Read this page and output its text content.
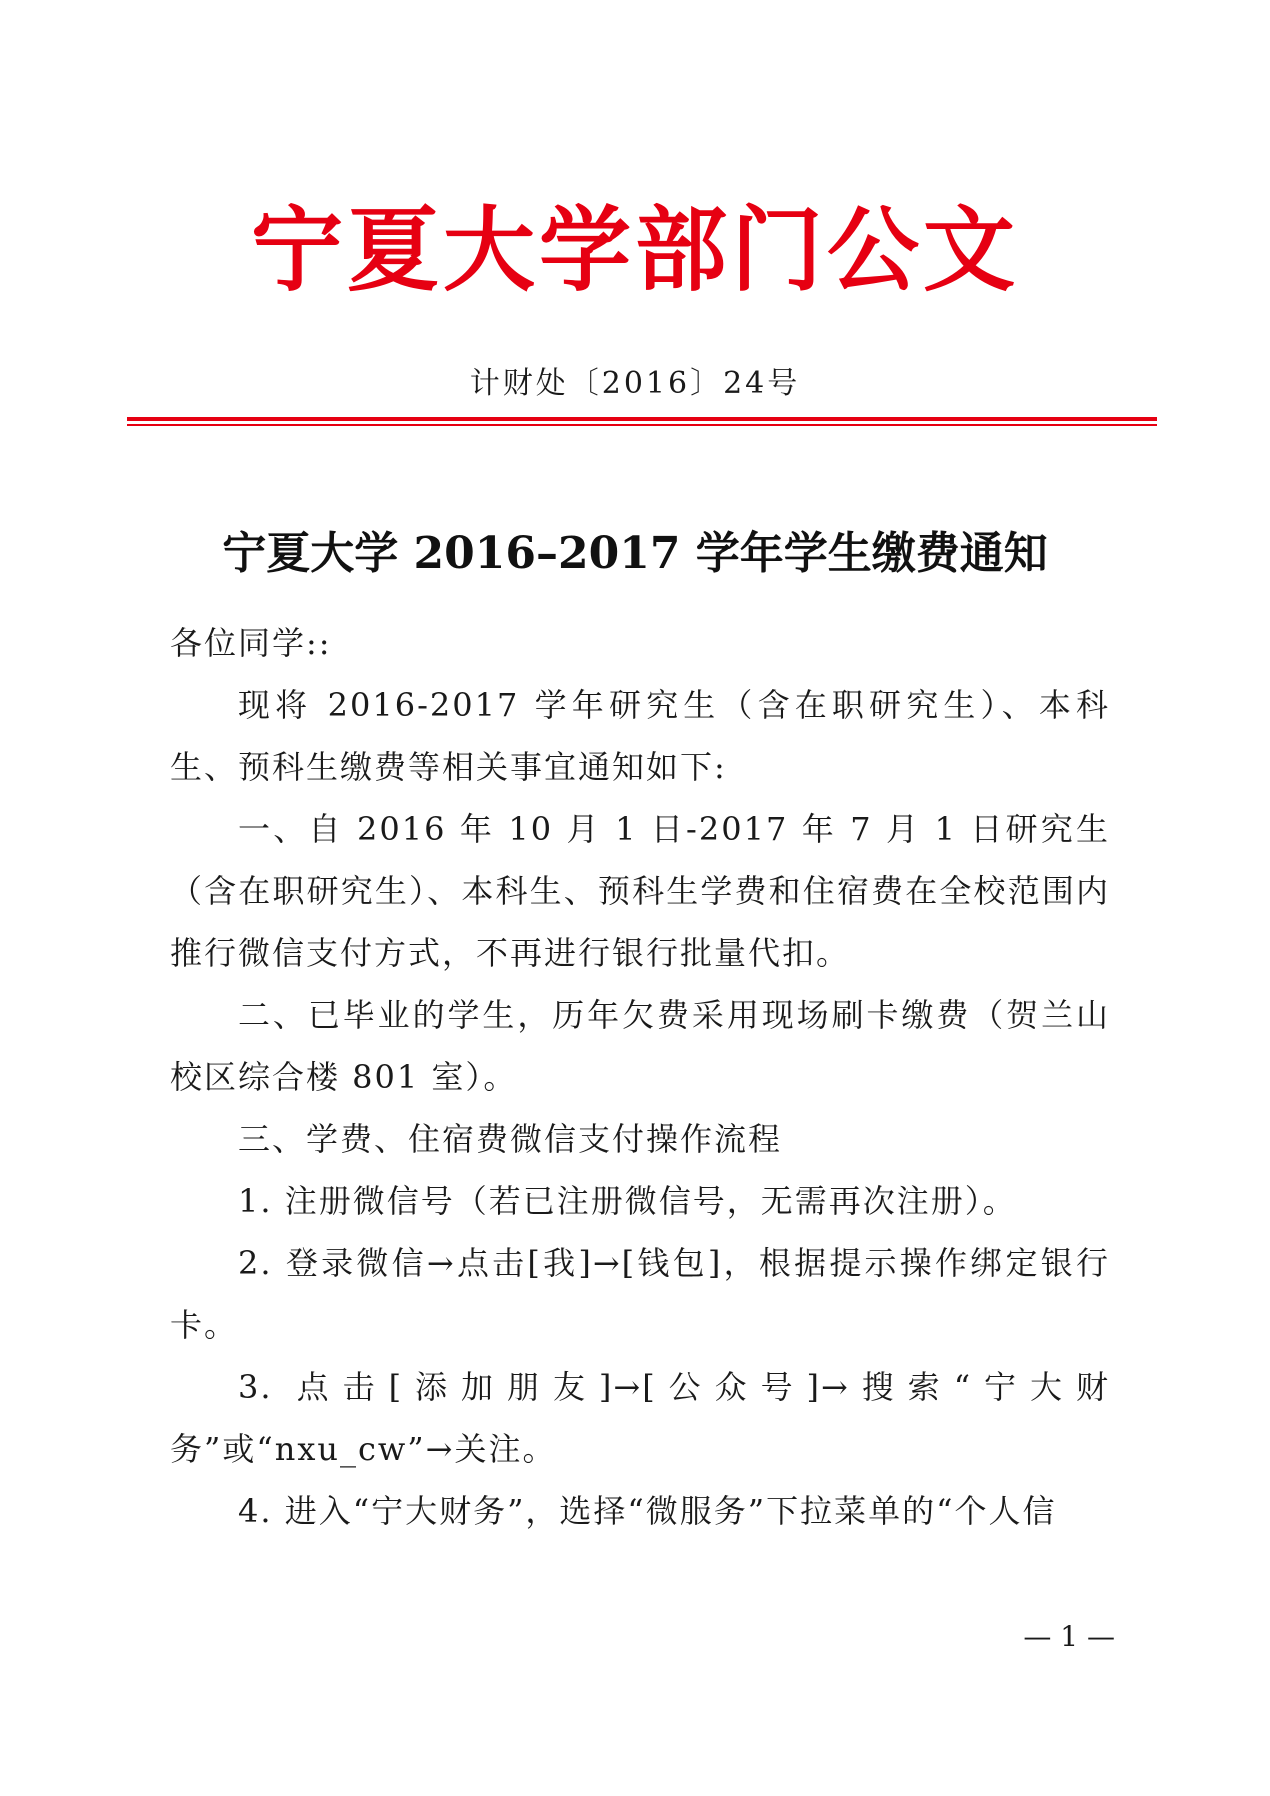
宁夏大学部门公文
计财处〔2016〕24号
宁夏大学 2016–2017 学年学生缴费通知

各位同学::

现将 2016-2017 学年研究生（含在职研究生）、本科生、预科生缴费等相关事宜通知如下:

一、自 2016 年 10 月 1 日-2017 年 7 月 1 日研究生（含在职研究生）、本科生、预科生学费和住宿费在全校范围内推行微信支付方式，不再进行银行批量代扣。

二、已毕业的学生，历年欠费采用现场刷卡缴费（贺兰山校区综合楼 801 室）。

三、学费、住宿费微信支付操作流程

1. 注册微信号（若已注册微信号，无需再次注册）。

2. 登录微信→点击[我]→[钱包]，根据提示操作绑定银行卡。

3. 点击[添加朋友]→[公众号]→搜索“宁大财务”或“nxu_cw”→关注。

4. 进入“宁大财务”，选择“微服务”下拉菜单的“个人信

— 1 —
